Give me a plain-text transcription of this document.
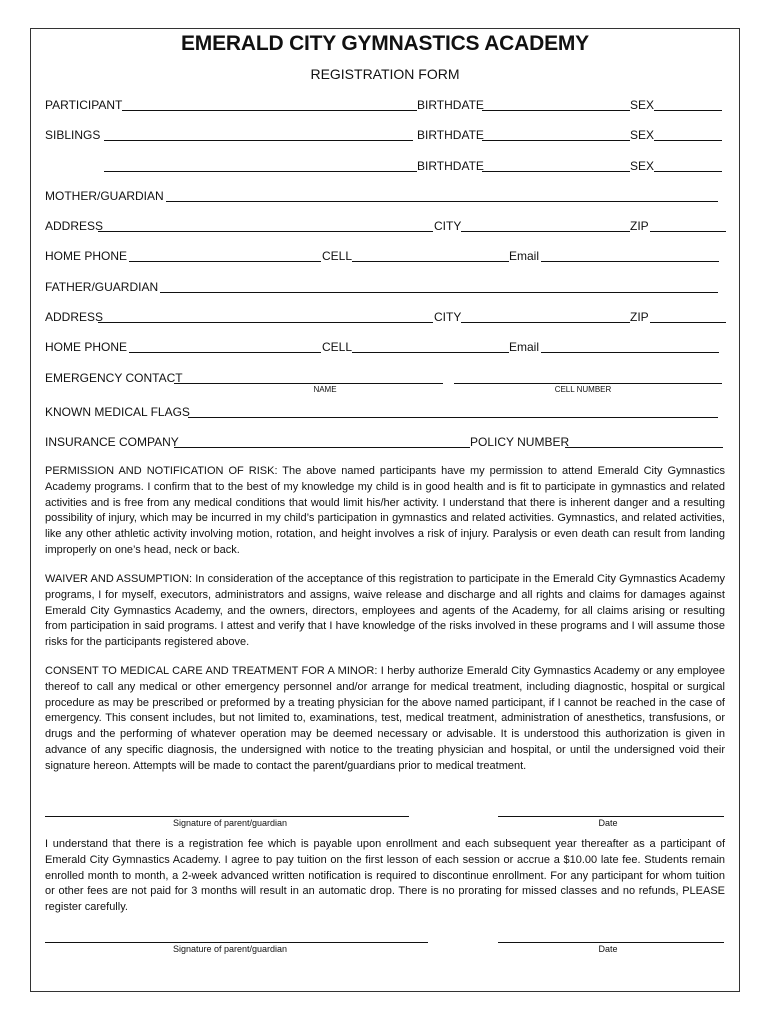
EMERALD CITY GYMNASTICS ACADEMY
REGISTRATION FORM
PARTICIPANT	BIRTHDATE	SEX
SIBLINGS	BIRTHDATE	SEX
BIRTHDATE	SEX
MOTHER/GUARDIAN
ADDRESS	CITY	ZIP
HOME PHONE	CELL	Email
FATHER/GUARDIAN
ADDRESS	CITY	ZIP
HOME PHONE	CELL	Email
EMERGENCY CONTACT
NAME	CELL NUMBER
KNOWN MEDICAL FLAGS
INSURANCE COMPANY	POLICY NUMBER

PERMISSION AND NOTIFICATION OF RISK: The above named participants have my permission to attend Emerald City Gymnastics Academy programs. I confirm that to the best of my knowledge my child is in good health and is fit to participate in gymnastics and related activities and is free from any medical conditions that would limit his/her activity. I understand that there is inherent danger and a resulting possibility of injury, which may be incurred in my child’s participation in gymnastics and related activities. Gymnastics, and related activities, like any other athletic activity involving motion, rotation, and height involves a risk of injury. Paralysis or even death can result from landing improperly on one’s head, neck or back.

WAIVER AND ASSUMPTION: In consideration of the acceptance of this registration to participate in the Emerald City Gymnastics Academy programs, I for myself, executors, administrators and assigns, waive release and discharge and all rights and claims for damages against Emerald City Gymnastics Academy, and the owners, directors, employees and agents of the Academy, for all claims arising or resulting from participation in said programs. I attest and verify that I have knowledge of the risks involved in these programs and I will assume those risks for the participants registered above.

CONSENT TO MEDICAL CARE AND TREATMENT FOR A MINOR: I herby authorize Emerald City Gymnastics Academy or any employee thereof to call any medical or other emergency personnel and/or arrange for medical treatment, including diagnostic, hospital or surgical procedure as may be prescribed or preformed by a treating physician for the above named participant, if I cannot be reached in the case of emergency. This consent includes, but not limited to, examinations, test, medical treatment, administration of anesthetics, transfusions, or drugs and the performing of whatever operation may be deemed necessary or advisable. It is understood this authorization is given in advance of any specific diagnosis, the undersigned with notice to the treating physician and hospital, or until the undersigned void their signature hereon. Attempts will be made to contact the parent/guardians prior to medical treatment.

Signature of parent/guardian	Date

I understand that there is a registration fee which is payable upon enrollment and each subsequent year thereafter as a participant of Emerald City Gymnastics Academy. I agree to pay tuition on the first lesson of each session or accrue a $10.00 late fee. Students remain enrolled month to month, a 2-week advanced written notification is required to discontinue enrollment. For any participant for whom tuition or other fees are not paid for 3 months will result in an automatic drop. There is no prorating for missed classes and no refunds, PLEASE register carefully.

Signature of parent/guardian	Date
